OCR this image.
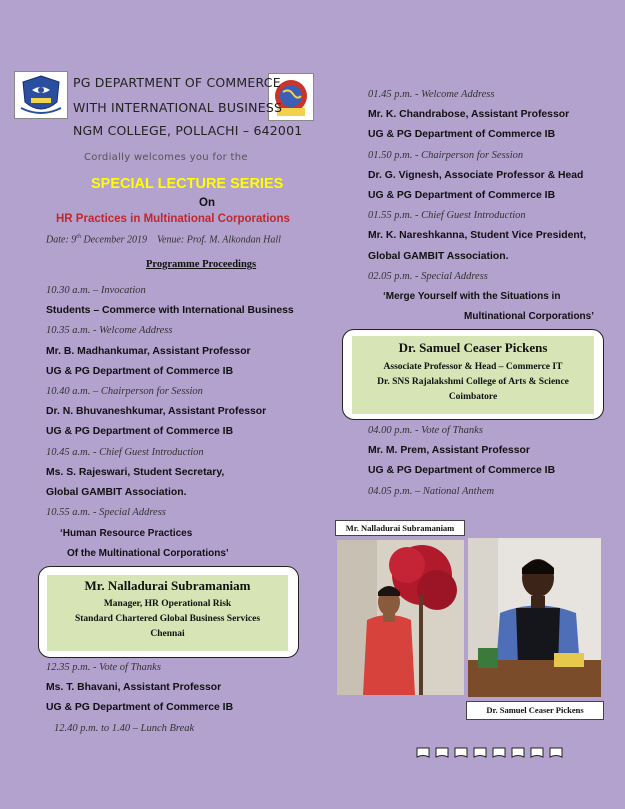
PG DEPARTMENT OF COMMERCE
WITH INTERNATIONAL BUSINESS
NGM COLLEGE, POLLACHI – 642001
Cordially welcomes you for the
SPECIAL LECTURE SERIES
On
HR Practices in Multinational Corporations
Date: 9th December 2019    Venue: Prof. M. Alkondan Hall
Programme Proceedings
10.30 a.m. – Invocation
Students – Commerce with International Business
10.35 a.m. - Welcome Address
Mr. B. Madhankumar, Assistant Professor
UG & PG Department of Commerce IB
10.40 a.m. – Chairperson for Session
Dr. N. Bhuvaneshkumar, Assistant Professor
UG & PG Department of Commerce IB
10.45 a.m. - Chief Guest Introduction
Ms. S. Rajeswari, Student Secretary,
Global GAMBIT Association.
10.55 a.m. - Special Address
‘Human Resource Practices
Of the Multinational Corporations’
Mr. Nalladurai Subramaniam
Manager, HR Operational Risk
Standard Chartered Global Business Services
Chennai
12.35 p.m. - Vote of Thanks
Ms. T. Bhavani, Assistant Professor
UG & PG Department of Commerce IB
12.40 p.m. to 1.40 – Lunch Break
01.45 p.m. - Welcome Address
Mr. K. Chandrabose, Assistant Professor
UG & PG Department of Commerce IB
01.50 p.m. - Chairperson for Session
Dr. G. Vignesh, Associate Professor & Head
UG & PG Department of Commerce IB
01.55 p.m. - Chief Guest Introduction
Mr. K. Nareshkanna, Student Vice President,
Global GAMBIT Association.
02.05 p.m. - Special Address
‘Merge Yourself with the Situations in
Multinational Corporations’
Dr. Samuel Ceaser Pickens
Associate Professor & Head – Commerce IT
Dr. SNS Rajalakshmi College of Arts & Science
Coimbatore
04.00 p.m. - Vote of Thanks
Mr. M. Prem, Assistant Professor
UG & PG Department of Commerce IB
04.05 p.m. – National Anthem
Mr. Nalladurai Subramaniam
Dr. Samuel Ceaser Pickens
